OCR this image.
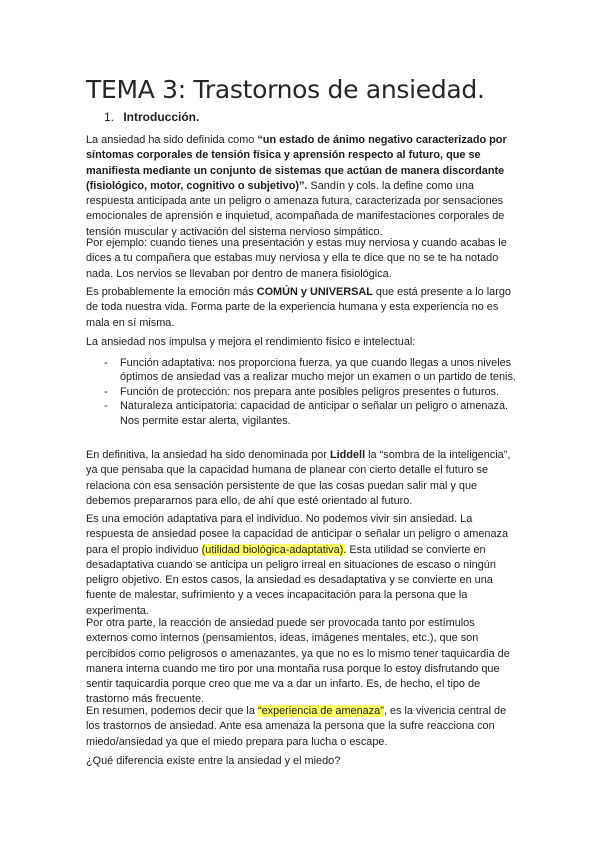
TEMA 3: Trastornos de ansiedad.
1. Introducción.

La ansiedad ha sido definida como “un estado de ánimo negativo caracterizado por síntomas corporales de tensión física y aprensión respecto al futuro, que se manifiesta mediante un conjunto de sistemas que actúan de manera discordante (fisiológico, motor, cognitivo o subjetivo)”. Sandín y cols. la define como una respuesta anticipada ante un peligro o amenaza futura, caracterizada por sensaciones emocionales de aprensión e inquietud, acompañada de manifestaciones corporales de tensión muscular y activación del sistema nervioso simpático.

Por ejemplo: cuando tienes una presentación y estas muy nerviosa y cuando acabas le dices a tu compañera que estabas muy nerviosa y ella te dice que no se te ha notado nada. Los nervios se llevaban por dentro de manera fisiológica.

Es probablemente la emoción más COMÚN y UNIVERSAL que está presente a lo largo de toda nuestra vida. Forma parte de la experiencia humana y esta experiencia no es mala en sí misma.

La ansiedad nos impulsa y mejora el rendimiento físico e intelectual:

- Función adaptativa: nos proporciona fuerza, ya que cuando llegas a unos niveles óptimos de ansiedad vas a realizar mucho mejor un examen o un partido de tenis.
- Función de protección: nos prepara ante posibles peligros presentes o futuros.
- Naturaleza anticipatoria: capacidad de anticipar o señalar un peligro o amenaza. Nos permite estar alerta, vigilantes.

En definitiva, la ansiedad ha sido denominada por Liddell la “sombra de la inteligencia”, ya que pensaba que la capacidad humana de planear con cierto detalle el futuro se relaciona con esa sensación persistente de que las cosas puedan salir mal y que debemos prepararnos para ello, de ahí que esté orientado al futuro.

Es una emoción adaptativa para el individuo. No podemos vivir sin ansiedad. La respuesta de ansiedad posee la capacidad de anticipar o señalar un peligro o amenaza para el propio individuo (utilidad biológica-adaptativa). Esta utilidad se convierte en desadaptativa cuando se anticipa un peligro irreal en situaciones de escaso o ningún peligro objetivo. En estos casos, la ansiedad es desadaptativa y se convierte en una fuente de malestar, sufrimiento y a veces incapacitación para la persona que la experimenta.

Por otra parte, la reacción de ansiedad puede ser provocada tanto por estímulos externos como internos (pensamientos, ideas, imágenes mentales, etc.), que son percibidos como peligrosos o amenazantes, ya que no es lo mismo tener taquicardia de manera interna cuando me tiro por una montaña rusa porque lo estoy disfrutando que sentir taquicardia porque creo que me va a dar un infarto. Es, de hecho, el tipo de trastorno más frecuente.

En resumen, podemos decir que la “experiencia de amenaza”, es la vivencia central de los trastornos de ansiedad. Ante esa amenaza la persona que la sufre reacciona con miedo/ansiedad ya que el miedo prepara para lucha o escape.

¿Qué diferencia existe entre la ansiedad y el miedo?
